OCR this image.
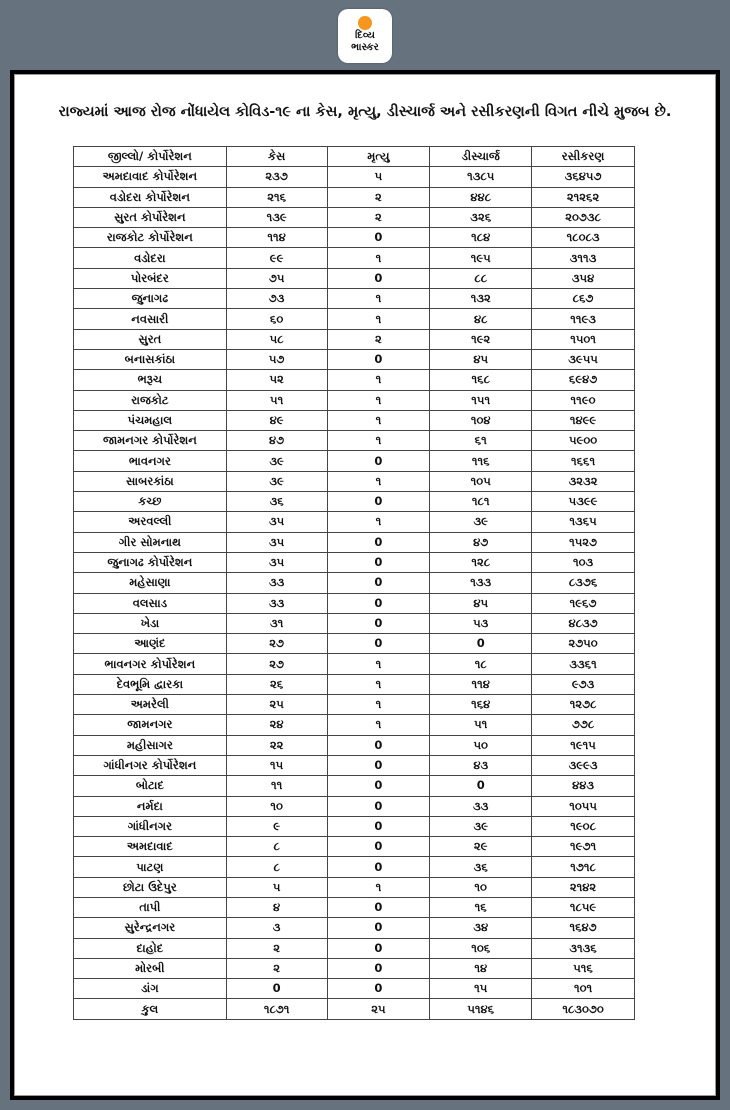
દિવ્ય
ભાસ્કર
રાજ્યમાં આજ રોજ નોંધાયેલ કોવિડ-૧૯ ના કેસ, મૃત્યુ, ડીસ્ચાર્જ અને રસીકરણની વિગત નીચે મુજબ છે.
જીલ્લો/ કોર્પોરેશન	કેસ	મૃત્યુ	ડીસ્ચાર્જ	રસીકરણ
અમદાવાદ કોર્પોરેશન	૨૩૭	૫	૧૩૮૫	૩૬૪૫૭
વડોદરા કોર્પોરેશન	૨૧૬	૨	૪૪૮	૨૧૨૬૨
સુરત કોર્પોરેશન	૧૩૯	૨	૩૨૬	૨૦૭૩૮
રાજકોટ કોર્પોરેશન	૧૧૪	0	૧૮૪	૧૮૦૮૩
વડોદરા	૯૯	૧	૧૯૫	૩૧૧૩
પોરબંદર	૭૫	0	૮૮	૩૫૪
જુનાગઢ	૭૩	૧	૧૩૨	૮૬૭
નવસારી	૬૦	૧	૪૮	૧૧૯૩
સુરત	૫૮	૨	૧૯૨	૧૫૦૧
બનાસકાંઠા	૫૭	0	૪૫	૩૯૫૫
ભરૂચ	૫૨	૧	૧૬૮	૬૯૪૭
રાજકોટ	૫૧	૧	૧૫૧	૧૧૯૦
પંચમહાલ	૪૯	૧	૧૦૪	૧૪૯૯
જામનગર કોર્પોરેશન	૪૭	૧	૬૧	૫૯૦૦
ભાવનગર	૩૯	0	૧૧૬	૧૬૬૧
સાબરકાંઠા	૩૯	૧	૧૦૫	૩૨૩૨
કચ્છ	૩૬	0	૧૮૧	૫૩૯૯
અરવલ્લી	૩૫	૧	૩૯	૧૩૬૫
ગીર સોમનાથ	૩૫	0	૪૭	૧૫૨૭
જુનાગઢ કોર્પોરેશન	૩૫	0	૧૨૮	૧૦૩
મહેસાણા	૩૩	0	૧૩૩	૮૩૭૬
વલસાડ	૩૩	0	૪૫	૧૯૬૭
ખેડા	૩૧	0	૫૩	૪૮૩૭
આણંદ	૨૭	0	0	૨૭૫૦
ભાવનગર કોર્પોરેશન	૨૭	૧	૧૮	૩૩૬૧
દેવભૂમિ દ્વારકા	૨૬	૧	૧૧૪	૯૭૩
અમરેલી	૨૫	૧	૧૬૪	૧૨૭૮
જામનગર	૨૪	૧	૫૧	૭૭૮
મહીસાગર	૨૨	0	૫૦	૧૯૧૫
ગાંધીનગર કોર્પોરેશન	૧૫	0	૪૩	૩૯૯૩
બોટાદ	૧૧	0	0	૪૪૩
નર્મદા	૧૦	0	૩૩	૧૦૫૫
ગાંધીનગર	૯	0	૩૯	૧૯૦૮
અમદાવાદ	૮	0	૨૯	૧૯૭૧
પાટણ	૮	0	૩૬	૧૭૧૮
છોટા ઉદેપુર	૫	૧	૧૦	૨૧૪૨
તાપી	૪	0	૧૬	૧૮૫૯
સુરેન્દ્રનગર	૩	0	૩૪	૧૬૪૭
દાહોદ	૨	0	૧૦૬	૩૧૩૬
મોરબી	૨	0	૧૪	૫૧૬
ડાંગ	0	0	૧૫	૧૦૧
કુલ	૧૮૭૧	૨૫	૫૧૪૬	૧૮૩૦૭૦
